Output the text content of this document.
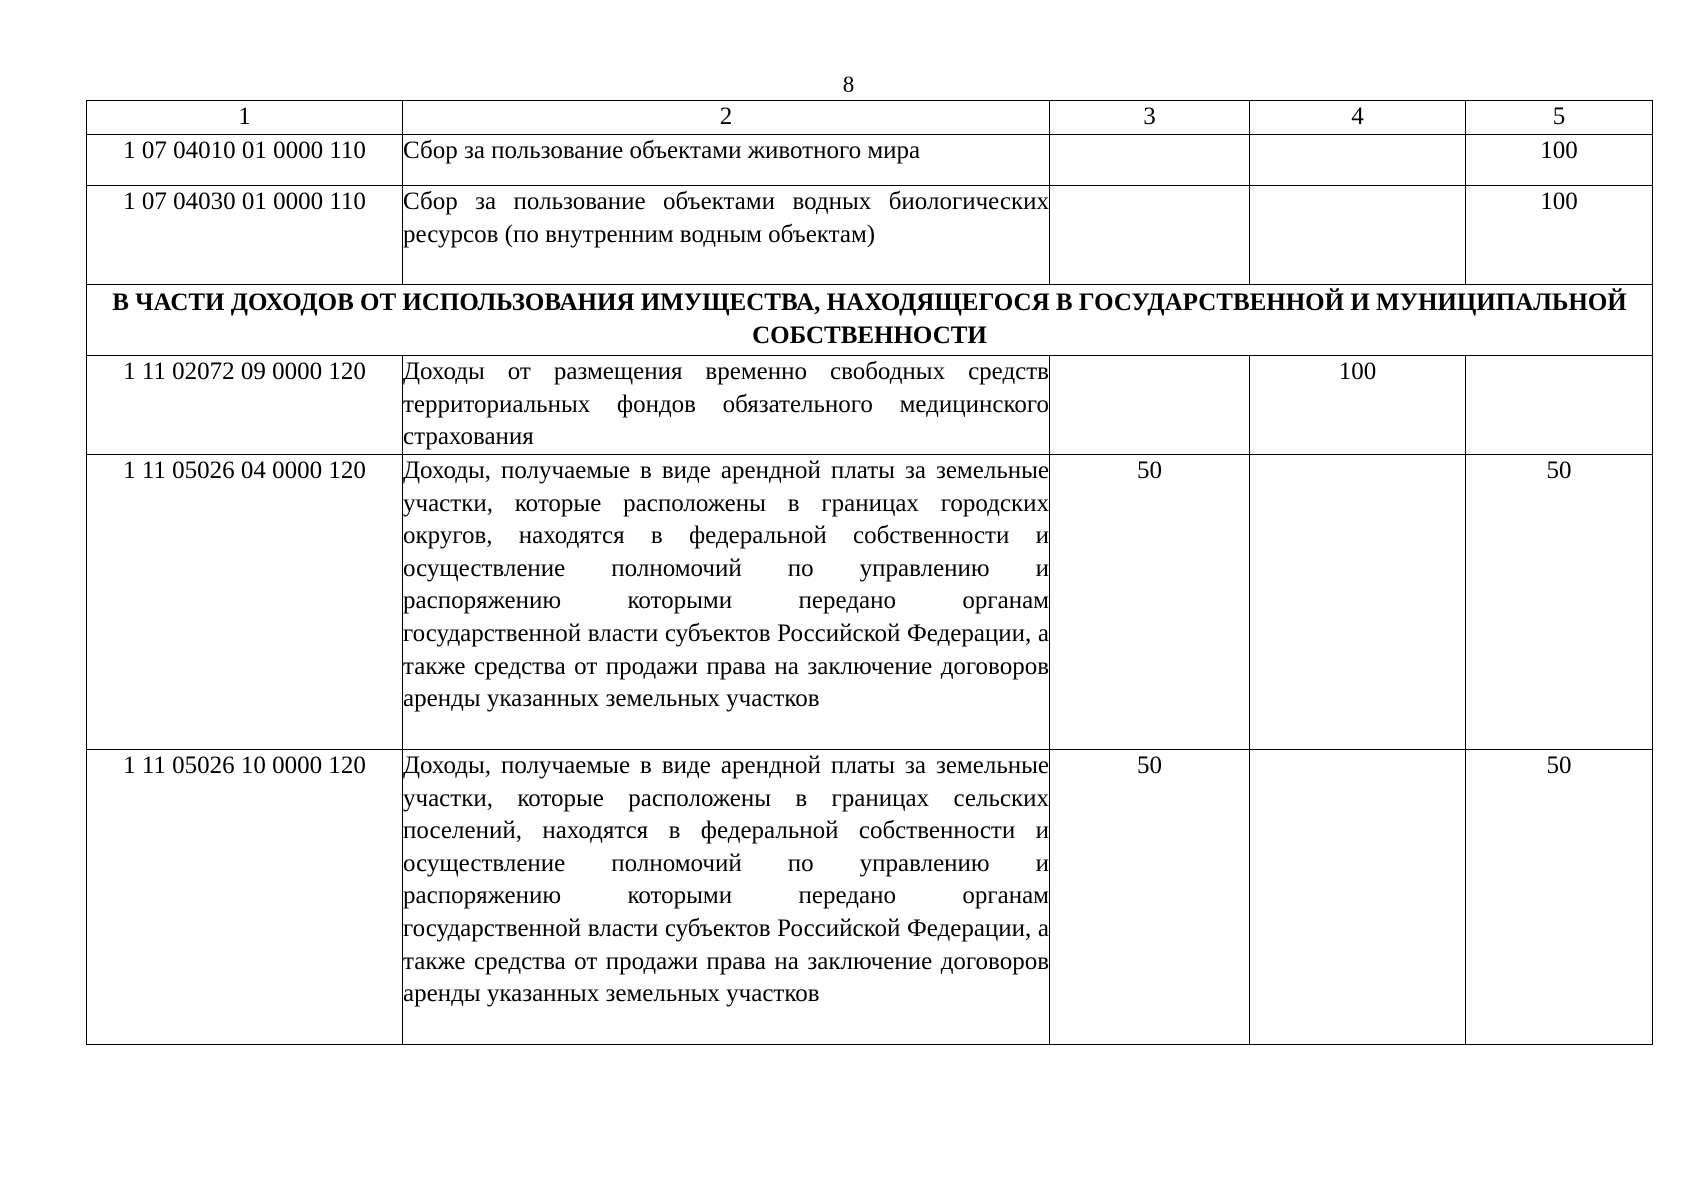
8
1	2	3	4	5
1 07 04010 01 0000 110	Сбор за пользование объектами животного мира			100
1 07 04030 01 0000 110	Сбор за пользование объектами водных биологических ресурсов (по внутренним водным объектам)			100
В ЧАСТИ ДОХОДОВ ОТ ИСПОЛЬЗОВАНИЯ ИМУЩЕСТВА, НАХОДЯЩЕГОСЯ В ГОСУДАРСТВЕННОЙ И МУНИЦИПАЛЬНОЙ СОБСТВЕННОСТИ				
1 11 02072 09 0000 120	Доходы от размещения временно свободных средств территориальных фондов обязательного медицинского страхования		100	
1 11 05026 04 0000 120	Доходы, получаемые в виде арендной платы за земельные участки, которые расположены в границах городских округов, находятся в федеральной собственности и осуществление полномочий по управлению и распоряжению которыми передано органам государственной власти субъектов Российской Федерации, а также средства от продажи права на заключение договоров аренды указанных земельных участков	50		50
1 11 05026 10 0000 120	Доходы, получаемые в виде арендной платы за земельные участки, которые расположены в границах сельских поселений, находятся в федеральной собственности и осуществление полномочий по управлению и распоряжению которыми передано органам государственной власти субъектов Российской Федерации, а также средства от продажи права на заключение договоров аренды указанных земельных участков	50		50
